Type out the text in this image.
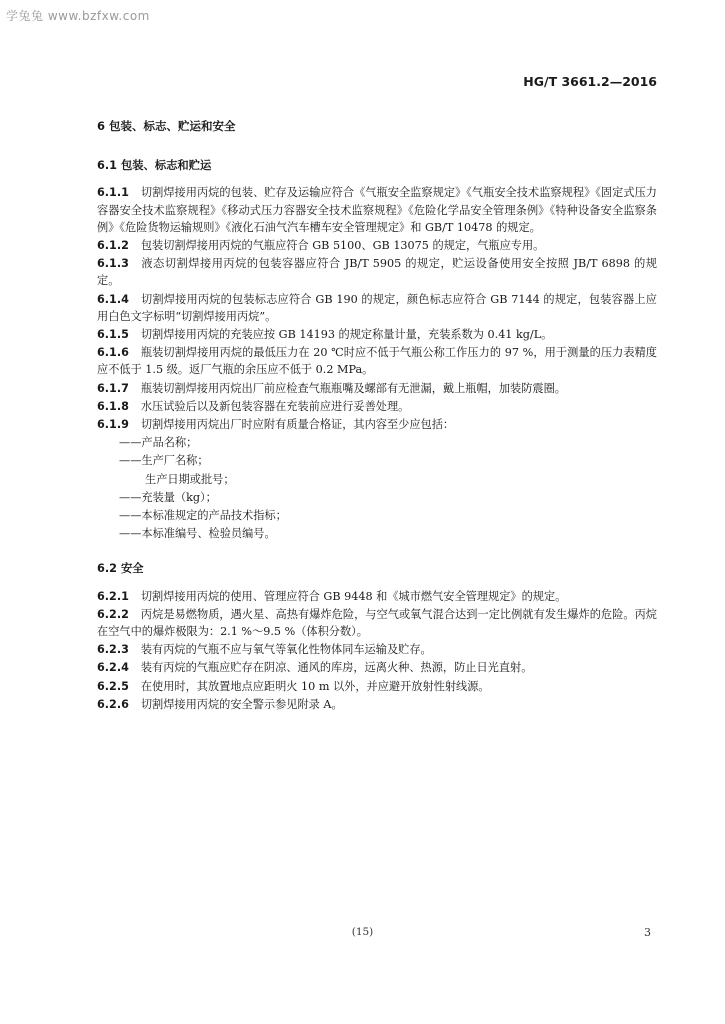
学兔兔 www.bzfxw.com
HG/T 3661.2—2016
6 包装、标志、贮运和安全
6.1 包装、标志和贮运
6.1.1 切割焊接用丙烷的包装、贮存及运输应符合《气瓶安全监察规定》《气瓶安全技术监察规程》《固定式压力容器安全技术监察规程》《移动式压力容器安全技术监察规程》《危险化学品安全管理条例》《特种设备安全监察条例》《危险货物运输规则》《液化石油气汽车槽车安全管理规定》和 GB/T 10478 的规定。
6.1.2 包装切割焊接用丙烷的气瓶应符合 GB 5100、GB 13075 的规定，气瓶应专用。
6.1.3 液态切割焊接用丙烷的包装容器应符合 JB/T 5905 的规定，贮运设备使用安全按照 JB/T 6898 的规定。
6.1.4 切割焊接用丙烷的包装标志应符合 GB 190 的规定，颜色标志应符合 GB 7144 的规定，包装容器上应用白色文字标明“切割焊接用丙烷”。
6.1.5 切割焊接用丙烷的充装应按 GB 14193 的规定称量计量，充装系数为 0.41 kg/L。
6.1.6 瓶装切割焊接用丙烷的最低压力在 20 ℃时应不低于气瓶公称工作压力的 97 %，用于测量的压力表精度应不低于 1.5 级。返厂气瓶的余压应不低于 0.2 MPa。
6.1.7 瓶装切割焊接用丙烷出厂前应检查气瓶瓶嘴及螺部有无泄漏，戴上瓶帽，加装防震圈。
6.1.8 水压试验后以及新包装容器在充装前应进行妥善处理。
6.1.9 切割焊接用丙烷出厂时应附有质量合格证，其内容至少应包括：
——产品名称；
——生产厂名称；
生产日期或批号；
——充装量（kg）；
——本标准规定的产品技术指标；
——本标准编号、检验员编号。
6.2 安全
6.2.1 切割焊接用丙烷的使用、管理应符合 GB 9448 和《城市燃气安全管理规定》的规定。
6.2.2 丙烷是易燃物质，遇火星、高热有爆炸危险，与空气或氧气混合达到一定比例就有发生爆炸的危险。丙烷在空气中的爆炸极限为：2.1 %～9.5 %（体积分数）。
6.2.3 装有丙烷的气瓶不应与氧气等氧化性物体同车运输及贮存。
6.2.4 装有丙烷的气瓶应贮存在阴凉、通风的库房，远离火种、热源，防止日光直射。
6.2.5 在使用时，其放置地点应距明火 10 m 以外，并应避开放射性射线源。
6.2.6 切割焊接用丙烷的安全警示参见附录 A。
(15)	3
